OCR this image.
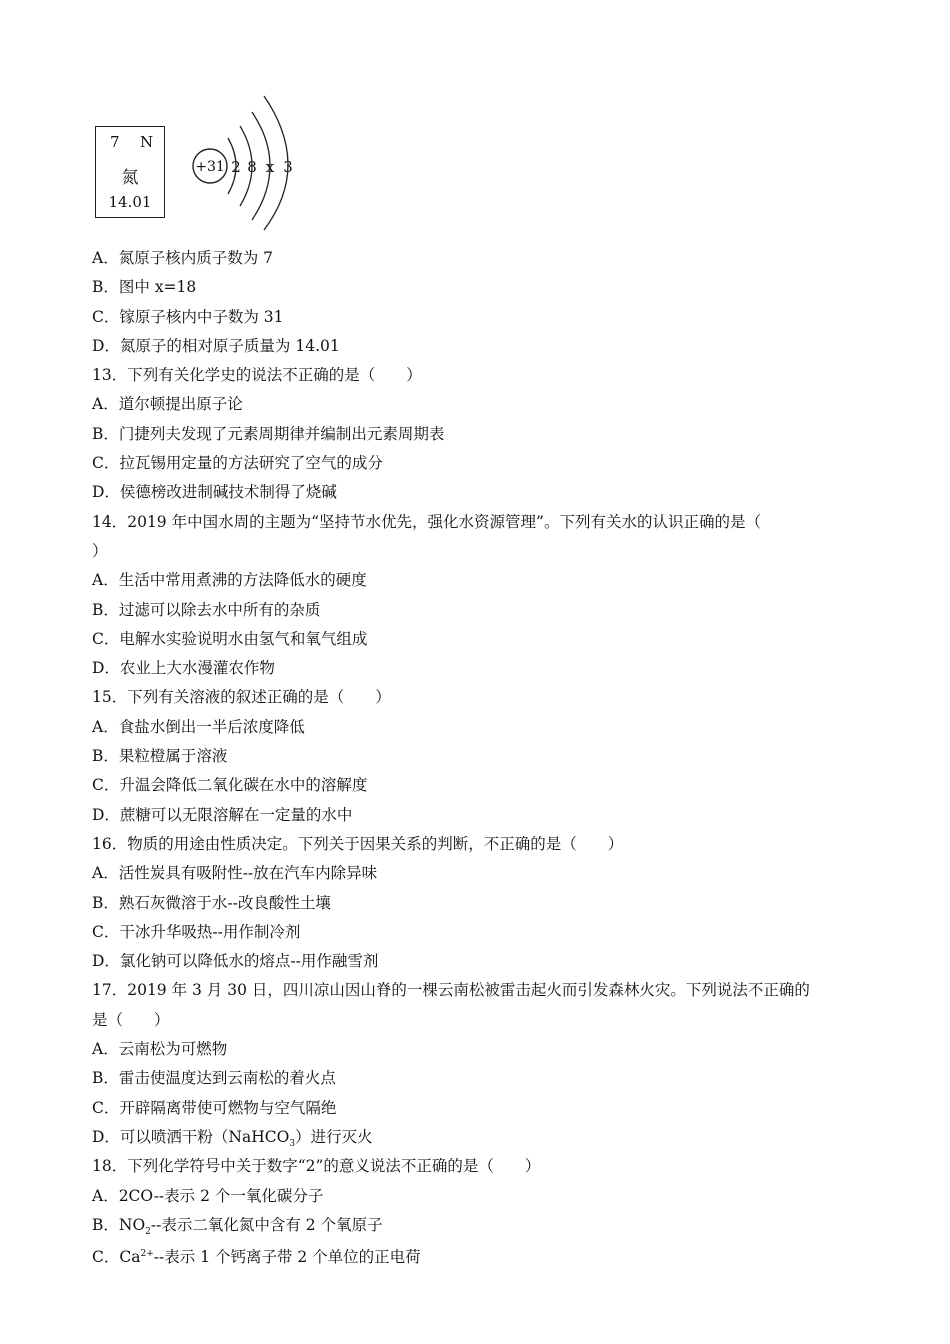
7 N
氮
14.01
+31 2 8 x 3
A．氮原子核内质子数为 7
B．图中 x=18
C．镓原子核内中子数为 31
D．氮原子的相对原子质量为 14.01
13．下列有关化学史的说法不正确的是（　　）
A．道尔顿提出原子论
B．门捷列夫发现了元素周期律并编制出元素周期表
C．拉瓦锡用定量的方法研究了空气的成分
D．侯德榜改进制碱技术制得了烧碱
14．2019 年中国水周的主题为“坚持节水优先，强化水资源管理”。下列有关水的认识正确的是（
）
A．生活中常用煮沸的方法降低水的硬度
B．过滤可以除去水中所有的杂质
C．电解水实验说明水由氢气和氧气组成
D．农业上大水漫灌农作物
15．下列有关溶液的叙述正确的是（　　）
A．食盐水倒出一半后浓度降低
B．果粒橙属于溶液
C．升温会降低二氧化碳在水中的溶解度
D．蔗糖可以无限溶解在一定量的水中
16．物质的用途由性质决定。下列关于因果关系的判断，不正确的是（　　）
A．活性炭具有吸附性--放在汽车内除异味
B．熟石灰微溶于水--改良酸性土壤
C．干冰升华吸热--用作制冷剂
D．氯化钠可以降低水的熔点--用作融雪剂
17．2019 年 3 月 30 日，四川凉山因山脊的一棵云南松被雷击起火而引发森林火灾。下列说法不正确的
是（　　）
A．云南松为可燃物
B．雷击使温度达到云南松的着火点
C．开辟隔离带使可燃物与空气隔绝
D．可以喷洒干粉（NaHCO$_3$）进行灭火
18．下列化学符号中关于数字“2”的意义说法不正确的是（　　）
A．2CO--表示 2 个一氧化碳分子
B．$NO_2--$表示二氧化氮中含有 2 个氧原子
C．$Ca^{2+}--$表示 1 个钙离子带 2 个单位的正电荷
